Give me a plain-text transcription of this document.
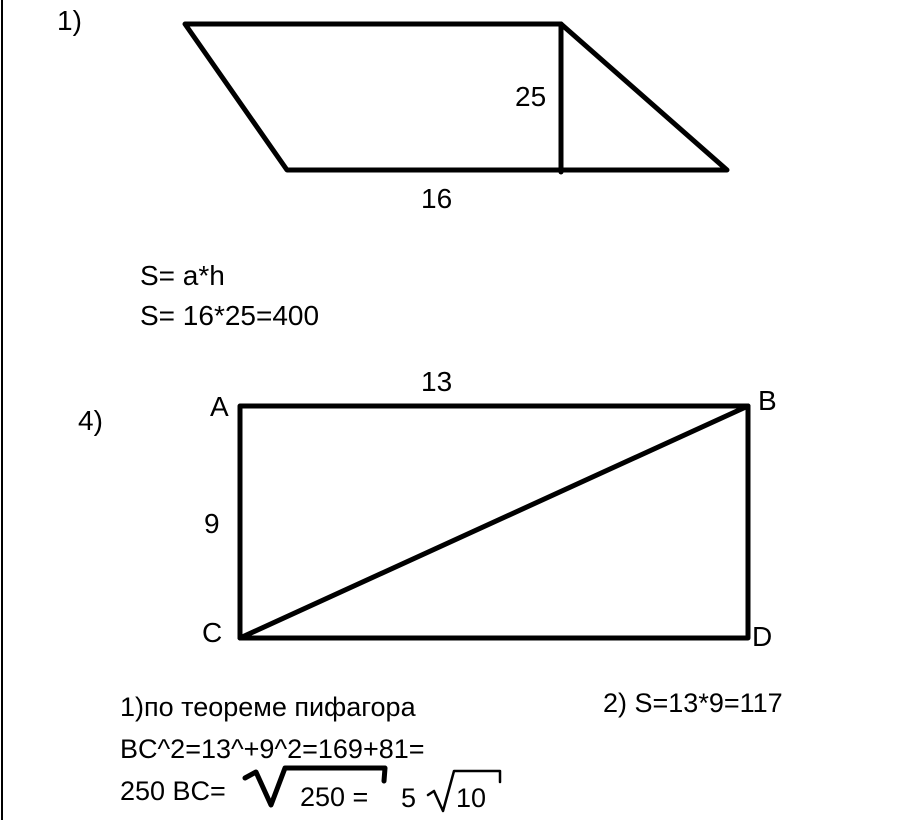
1)
25
16
S= a*h
S= 16*25=400
4)	A	B
C	D
13
9
1)по теореме пифагора
BC^2=13^+9^2=169+81=
250 BC=	250 = 5 10
2) S=13*9=117
